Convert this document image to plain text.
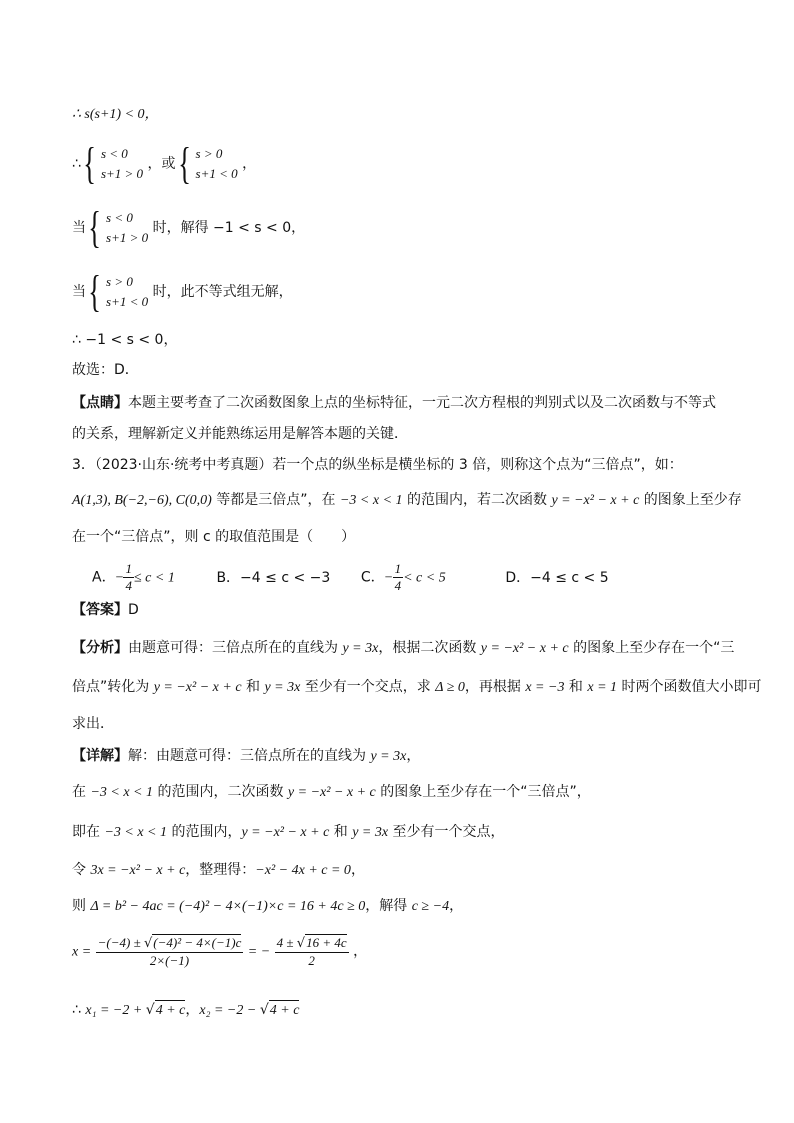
∴ s(s+1) < 0，
∴ { s < 0
s+1 > 0
，或 { s > 0
s+1 < 0
，
当 { s < 0
s+1 > 0
时，解得 −1 < s < 0，
当 { s > 0
s+1 < 0
时，此不等式组无解，
∴ −1 < s < 0，
故选：D．
【点睛】本题主要考查了二次函数图象上点的坐标特征，一元二次方程根的判别式以及二次函数与不等式
的关系，理解新定义并能熟练运用是解答本题的关键．
3．（2023·山东·统考中考真题）若一个点的纵坐标是横坐标的 3 倍，则称这个点为“三倍点”，如：
A(1,3), B(−2,−6), C(0,0) 等都是三倍点”，在 −3 < x < 1 的范围内，若二次函数 y = −x² − x + c 的图象上至少存
在一个“三倍点”，则 c 的取值范围是（　　）
A．− $\frac{1}{4} \le c < 1$	B．−4 ≤ c < −3 C．− $\frac{1}{4} < c < 5$	D．−4 ≤ c < 5
【答案】D
【分析】由题意可得：三倍点所在的直线为 y = 3x，根据二次函数 y = −x² − x + c 的图象上至少存在一个“三
倍点”转化为 y = −x² − x + c 和 y = 3x 至少有一个交点，求 Δ ≥ 0，再根据 x = −3 和 x = 1 时两个函数值大小即可
求出．
【详解】解：由题意可得：三倍点所在的直线为 y = 3x，
在 −3 < x < 1 的范围内，二次函数 y = −x² − x + c 的图象上至少存在一个“三倍点”，
即在 −3 < x < 1 的范围内，y = −x² − x + c 和 y = 3x 至少有一个交点，
令 3x = −x² − x + c，整理得：−x² − 4x + c = 0，
则 Δ = b² − 4ac = (−4)² − 4×(−1)×c = 16 + 4c ≥ 0，解得 c ≥ −4，
$x = \frac{\text{−(−4) ± √(−4)² − 4×(−1)c}}{2\times(-1)}$ = − $\frac{4 \pm √16 + 4c}{2}$ ，
∴ x₁ = −2 + √4 + c，x₂ = −2 − √4 + c
